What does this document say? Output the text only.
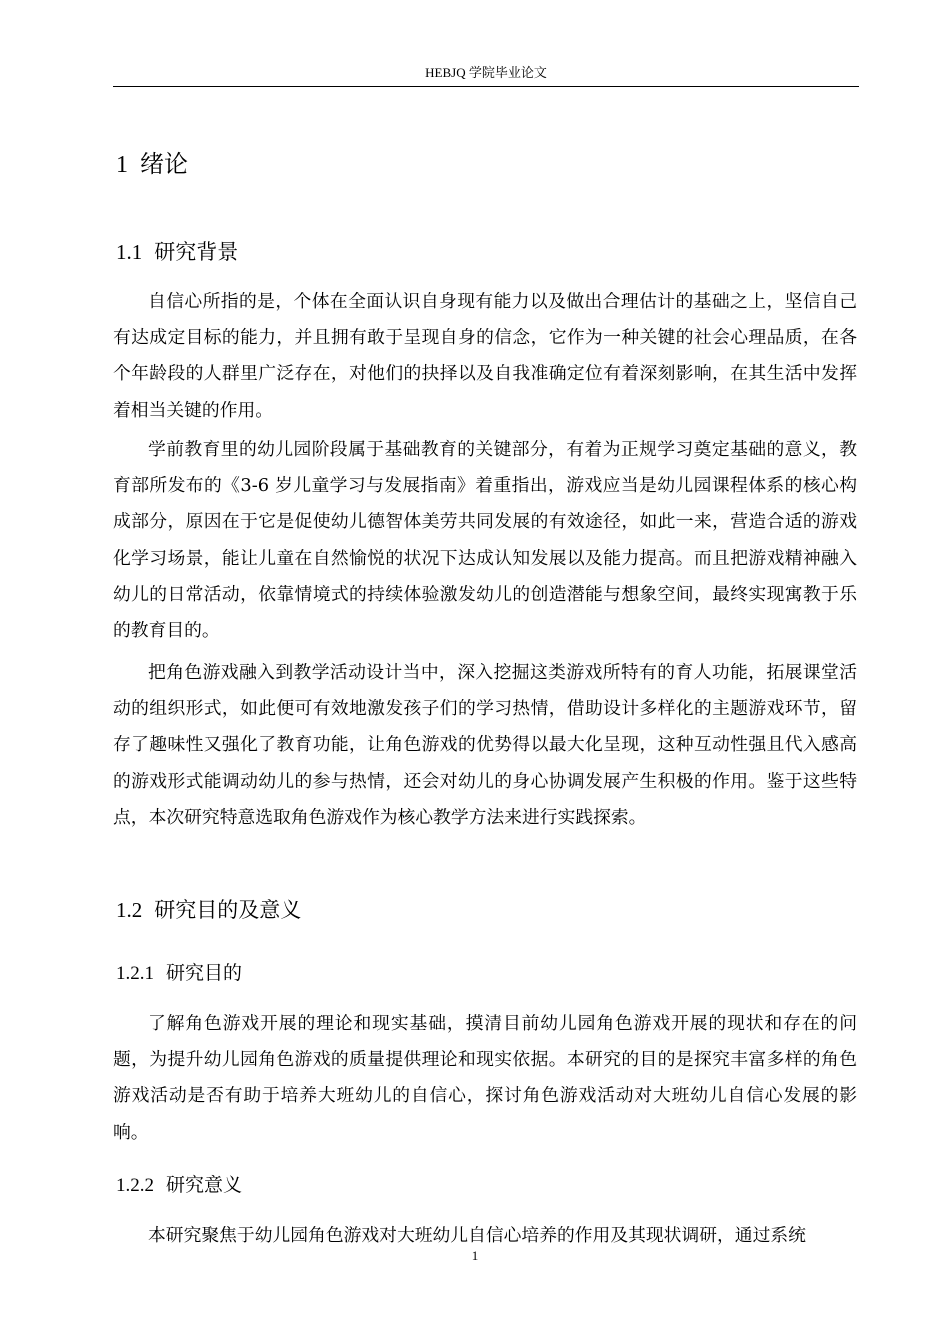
HEBJQ 学院毕业论文
1 绪论
1.1 研究背景

自信心所指的是，个体在全面认识自身现有能力以及做出合理估计的基础之上，坚信自己有达成定目标的能力，并且拥有敢于呈现自身的信念，它作为一种关键的社会心理品质，在各个年龄段的人群里广泛存在，对他们的抉择以及自我准确定位有着深刻影响，在其生活中发挥着相当关键的作用。

学前教育里的幼儿园阶段属于基础教育的关键部分，有着为正规学习奠定基础的意义，教育部所发布的《3-6 岁儿童学习与发展指南》着重指出，游戏应当是幼儿园课程体系的核心构成部分，原因在于它是促使幼儿德智体美劳共同发展的有效途径，如此一来，营造合适的游戏化学习场景，能让儿童在自然愉悦的状况下达成认知发展以及能力提高。而且把游戏精神融入幼儿的日常活动，依靠情境式的持续体验激发幼儿的创造潜能与想象空间，最终实现寓教于乐的教育目的。

把角色游戏融入到教学活动设计当中，深入挖掘这类游戏所特有的育人功能，拓展课堂活动的组织形式，如此便可有效地激发孩子们的学习热情，借助设计多样化的主题游戏环节，留存了趣味性又强化了教育功能，让角色游戏的优势得以最大化呈现，这种互动性强且代入感高的游戏形式能调动幼儿的参与热情，还会对幼儿的身心协调发展产生积极的作用。鉴于这些特点，本次研究特意选取角色游戏作为核心教学方法来进行实践探索。

1.2 研究目的及意义
1.2.1 研究目的

了解角色游戏开展的理论和现实基础，摸清目前幼儿园角色游戏开展的现状和存在的问题，为提升幼儿园角色游戏的质量提供理论和现实依据。本研究的目的是探究丰富多样的角色游戏活动是否有助于培养大班幼儿的自信心，探讨角色游戏活动对大班幼儿自信心发展的影响。

1.2.2 研究意义

本研究聚焦于幼儿园角色游戏对大班幼儿自信心培养的作用及其现状调研，通过系统

1
